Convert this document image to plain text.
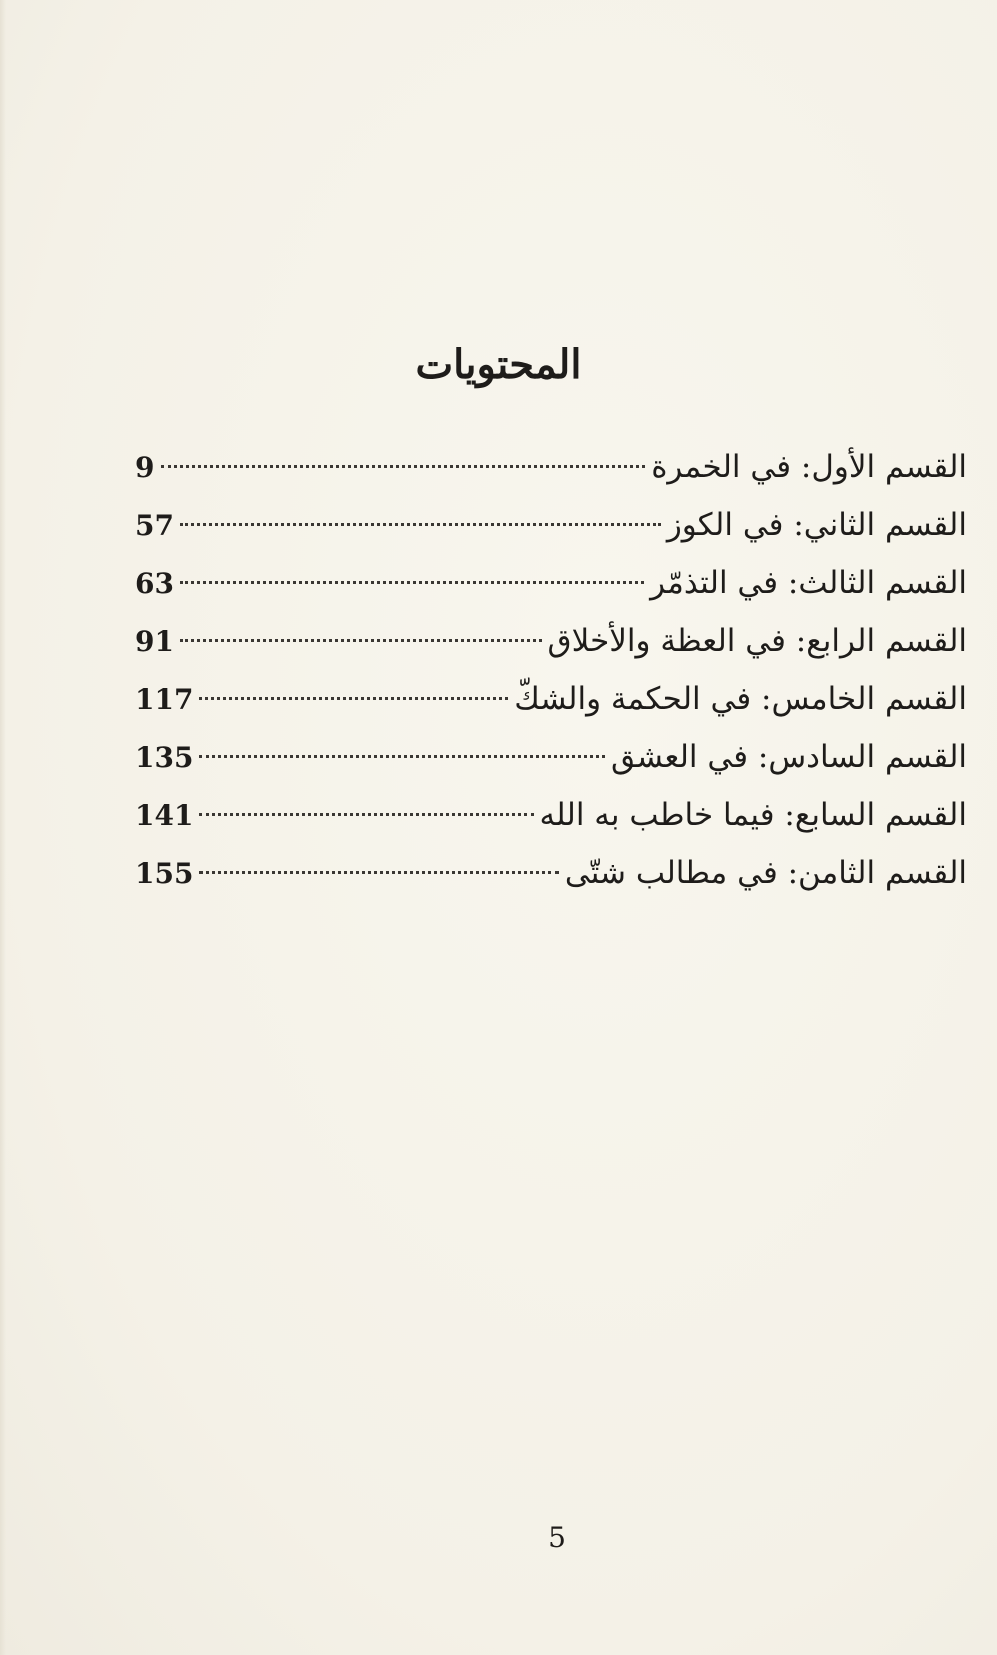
المحتويات
القسم الأول: في الخمرة
9
القسم الثاني: في الكوز
57
القسم الثالث: في التذمّر
63
القسم الرابع: في العظة والأخلاق
91
القسم الخامس: في الحكمة والشكّ
117
القسم السادس: في العشق
135
القسم السابع: فيما خاطب به الله
141
القسم الثامن: في مطالب شتّى
155
5
